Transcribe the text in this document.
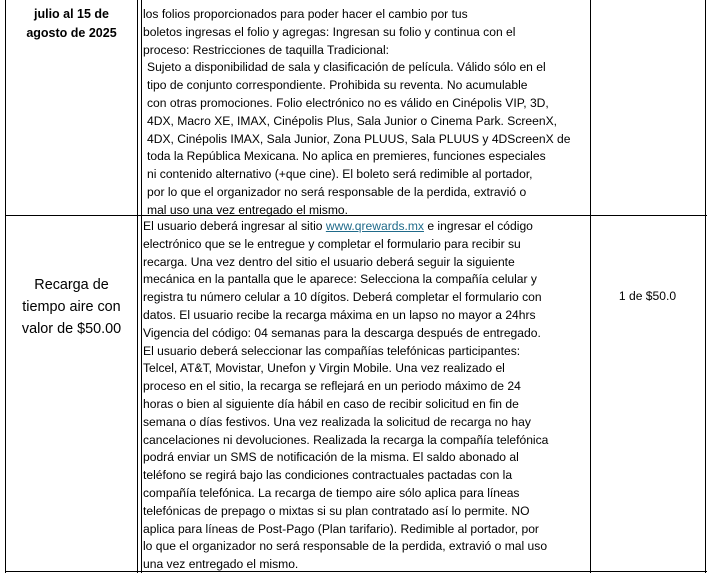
julio al 15 de
agosto de 2025
los folios proporcionados para poder hacer el cambio por tus
boletos ingresas el folio y agregas: Ingresan su folio y continua con el
proceso: Restricciones de taquilla Tradicional:
Sujeto a disponibilidad de sala y clasificación de película. Válido sólo en el
tipo de conjunto correspondiente. Prohibida su reventa. No acumulable
con otras promociones. Folio electrónico no es válido en Cinépolis VIP, 3D,
4DX, Macro XE, IMAX, Cinépolis Plus, Sala Junior o Cinema Park. ScreenX,
4DX, Cinépolis IMAX, Sala Junior, Zona PLUUS, Sala PLUUS y 4DScreenX de
toda la República Mexicana. No aplica en premieres, funciones especiales
ni contenido alternativo (+que cine). El boleto será redimible al portador,
por lo que el organizador no será responsable de la perdida, extravió o
mal uso una vez entregado el mismo.
Recarga de
tiempo aire con
valor de $50.00
El usuario deberá ingresar al sitio www.qrewards.mx e ingresar el código
electrónico que se le entregue y completar el formulario para recibir su
recarga. Una vez dentro del sitio el usuario deberá seguir la siguiente
mecánica en la pantalla que le aparece: Selecciona la compañía celular y
registra tu número celular a 10 dígitos. Deberá completar el formulario con
datos. El usuario recibe la recarga máxima en un lapso no mayor a 24hrs
Vigencia del código: 04 semanas para la descarga después de entregado.
El usuario deberá seleccionar las compañías telefónicas participantes:
Telcel, AT&T, Movistar, Unefon y Virgin Mobile. Una vez realizado el
proceso en el sitio, la recarga se reflejará en un periodo máximo de 24
horas o bien al siguiente día hábil en caso de recibir solicitud en fin de
semana o días festivos. Una vez realizada la solicitud de recarga no hay
cancelaciones ni devoluciones. Realizada la recarga la compañía telefónica
podrá enviar un SMS de notificación de la misma. El saldo abonado al
teléfono se regirá bajo las condiciones contractuales pactadas con la
compañía telefónica. La recarga de tiempo aire sólo aplica para líneas
telefónicas de prepago o mixtas si su plan contratado así lo permite. NO
aplica para líneas de Post-Pago (Plan tarifario). Redimible al portador, por
lo que el organizador no será responsable de la perdida, extravió o mal uso
una vez entregado el mismo.
1 de $50.0
